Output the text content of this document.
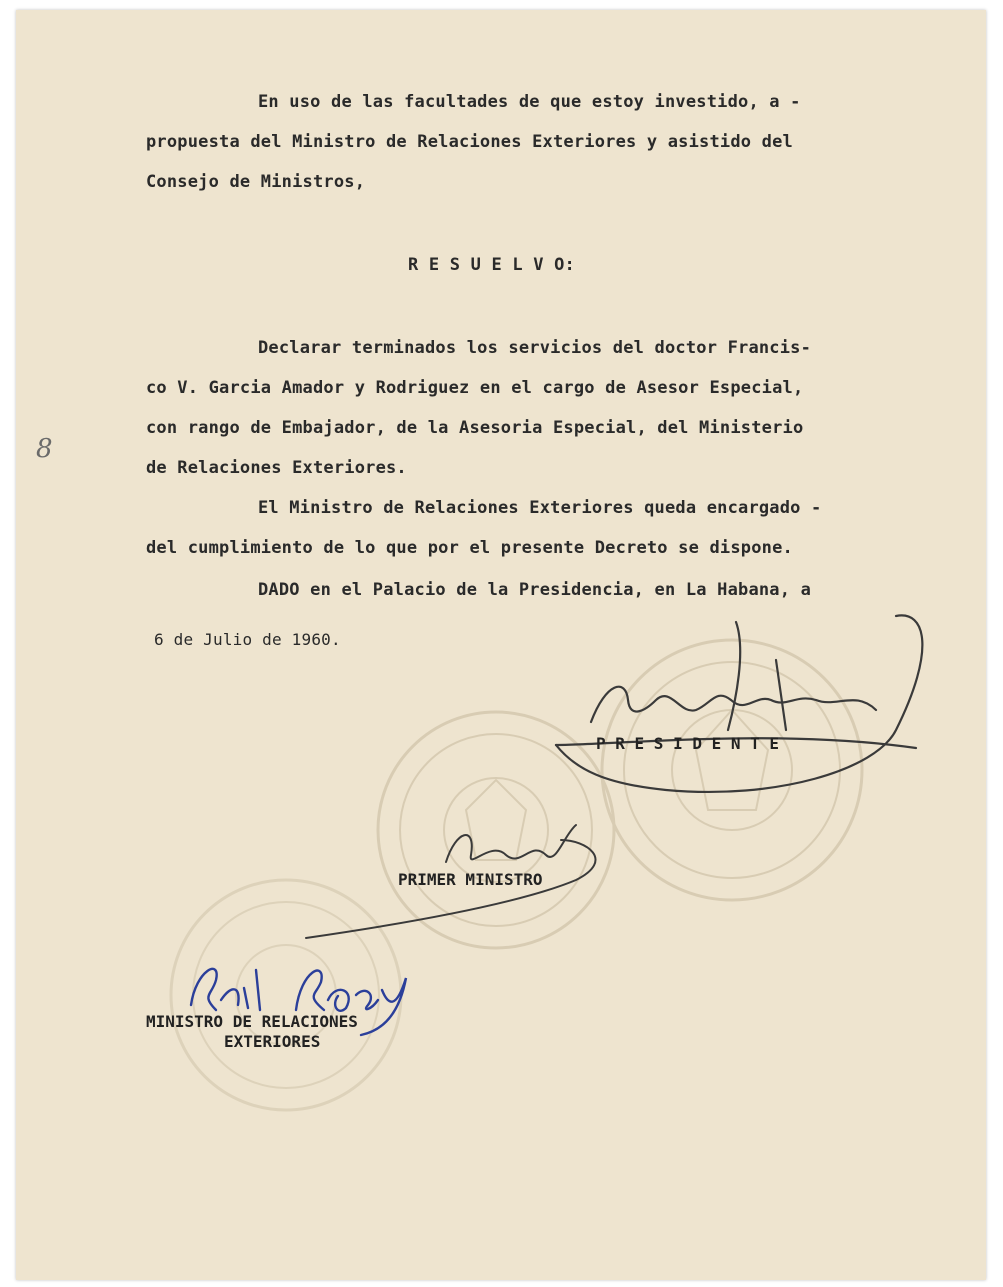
En uso de las facultades de que estoy investido, a -
propuesta del Ministro de Relaciones Exteriores y asistido del
Consejo de Ministros,
R E S U E L V O:
Declarar terminados los servicios del doctor Francis-
co V. Garcia Amador y Rodriguez en el cargo de Asesor Especial,
con rango de Embajador, de la Asesoria Especial, del Ministerio
de Relaciones Exteriores.
El Ministro de Relaciones Exteriores queda encargado -
del cumplimiento de lo que por el presente Decreto se dispone.
DADO en el Palacio de la Presidencia, en La Habana, a
6 de Julio de 1960.
8
P R E S I D E N T E
PRIMER MINISTRO
MINISTRO DE RELACIONES
EXTERIORES
